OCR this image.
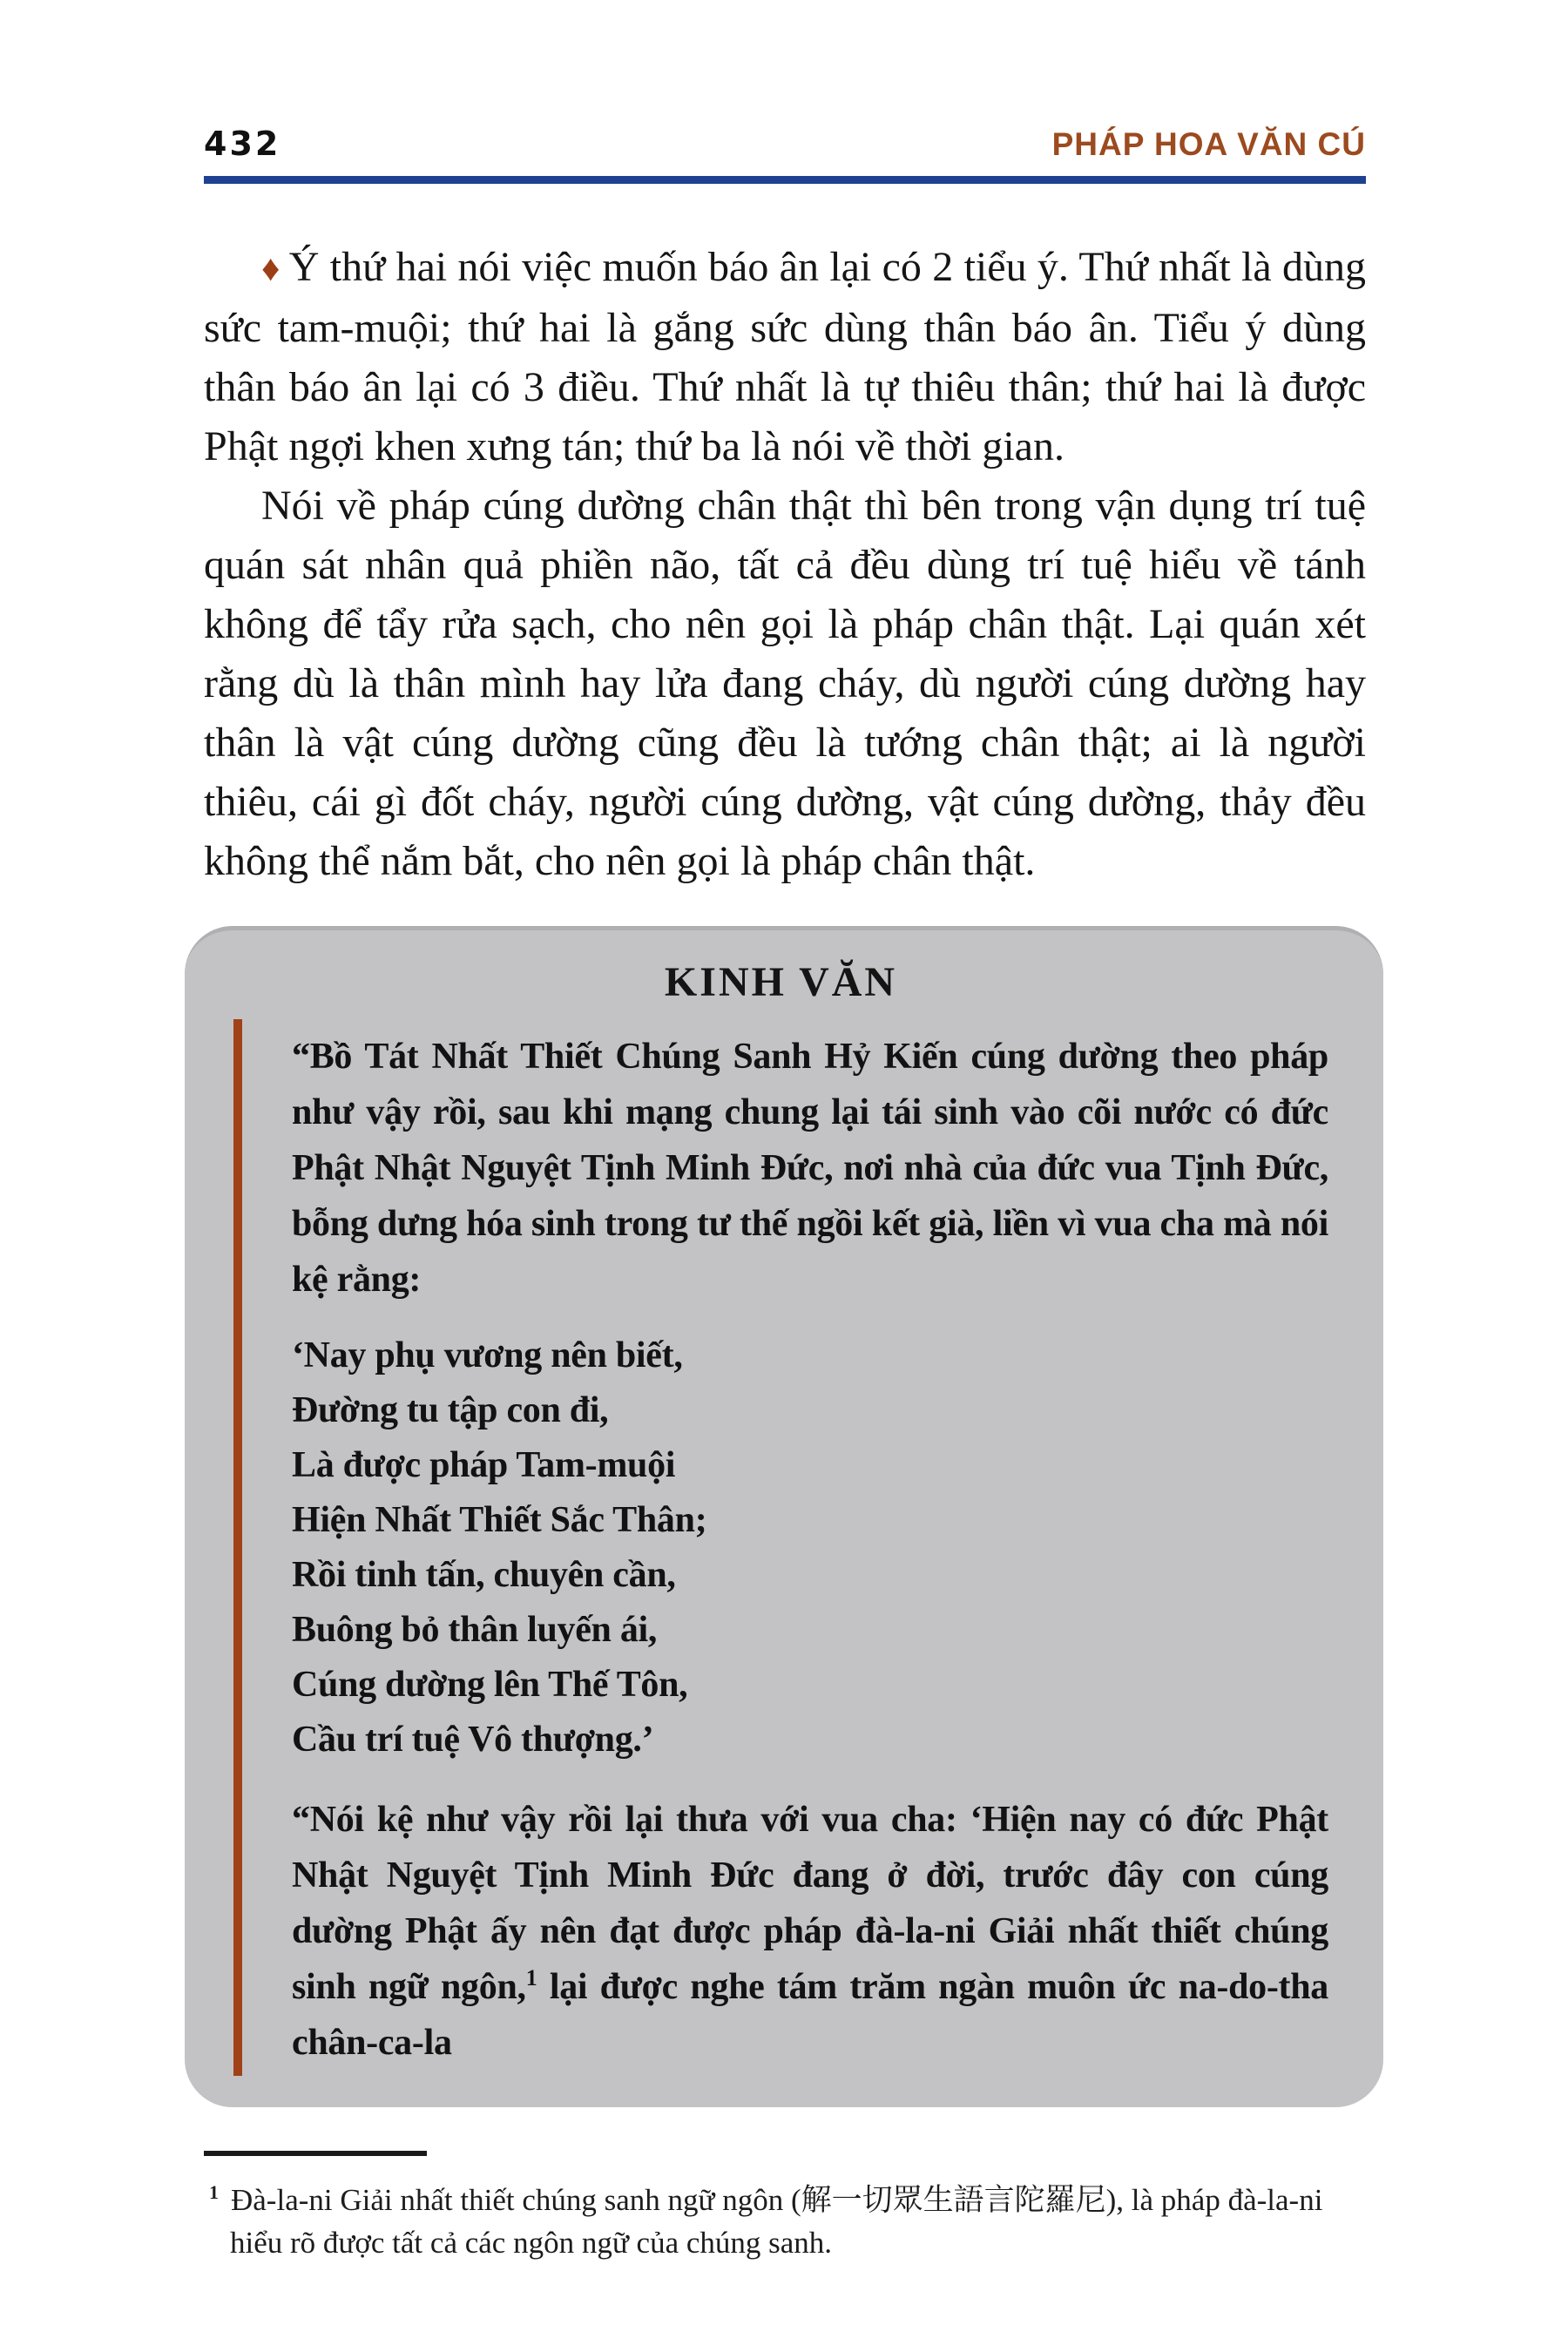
432	PHÁP HOA VĂN CÚ

♦ Ý thứ hai nói việc muốn báo ân lại có 2 tiểu ý. Thứ nhất là dùng sức tam-muội; thứ hai là gắng sức dùng thân báo ân. Tiểu ý dùng thân báo ân lại có 3 điều. Thứ nhất là tự thiêu thân; thứ hai là được Phật ngợi khen xưng tán; thứ ba là nói về thời gian.

Nói về pháp cúng dường chân thật thì bên trong vận dụng trí tuệ quán sát nhân quả phiền não, tất cả đều dùng trí tuệ hiểu về tánh không để tẩy rửa sạch, cho nên gọi là pháp chân thật. Lại quán xét rằng dù là thân mình hay lửa đang cháy, dù người cúng dường hay thân là vật cúng dường cũng đều là tướng chân thật; ai là người thiêu, cái gì đốt cháy, người cúng dường, vật cúng dường, thảy đều không thể nắm bắt, cho nên gọi là pháp chân thật.

KINH VĂN

“Bồ Tát Nhất Thiết Chúng Sanh Hỷ Kiến cúng dường theo pháp như vậy rồi, sau khi mạng chung lại tái sinh vào cõi nước có đức Phật Nhật Nguyệt Tịnh Minh Đức, nơi nhà của đức vua Tịnh Đức, bỗng dưng hóa sinh trong tư thế ngồi kết già, liền vì vua cha mà nói kệ rằng:

‘Nay phụ vương nên biết,
Đường tu tập con đi,
Là được pháp Tam-muội
Hiện Nhất Thiết Sắc Thân;
Rồi tinh tấn, chuyên cần,
Buông bỏ thân luyến ái,
Cúng dường lên Thế Tôn,
Cầu trí tuệ Vô thượng.’

“Nói kệ như vậy rồi lại thưa với vua cha: ‘Hiện nay có đức Phật Nhật Nguyệt Tịnh Minh Đức đang ở đời, trước đây con cúng dường Phật ấy nên đạt được pháp đà-la-ni Giải nhất thiết chúng sinh ngữ ngôn,$^1$ lại được nghe tám trăm ngàn muôn ức na-do-tha chân-ca-la

$^1$ Đà-la-ni Giải nhất thiết chúng sanh ngữ ngôn (解一切眾生語言陀羅尼), là pháp đà-la-ni hiểu rõ được tất cả các ngôn ngữ của chúng sanh.
